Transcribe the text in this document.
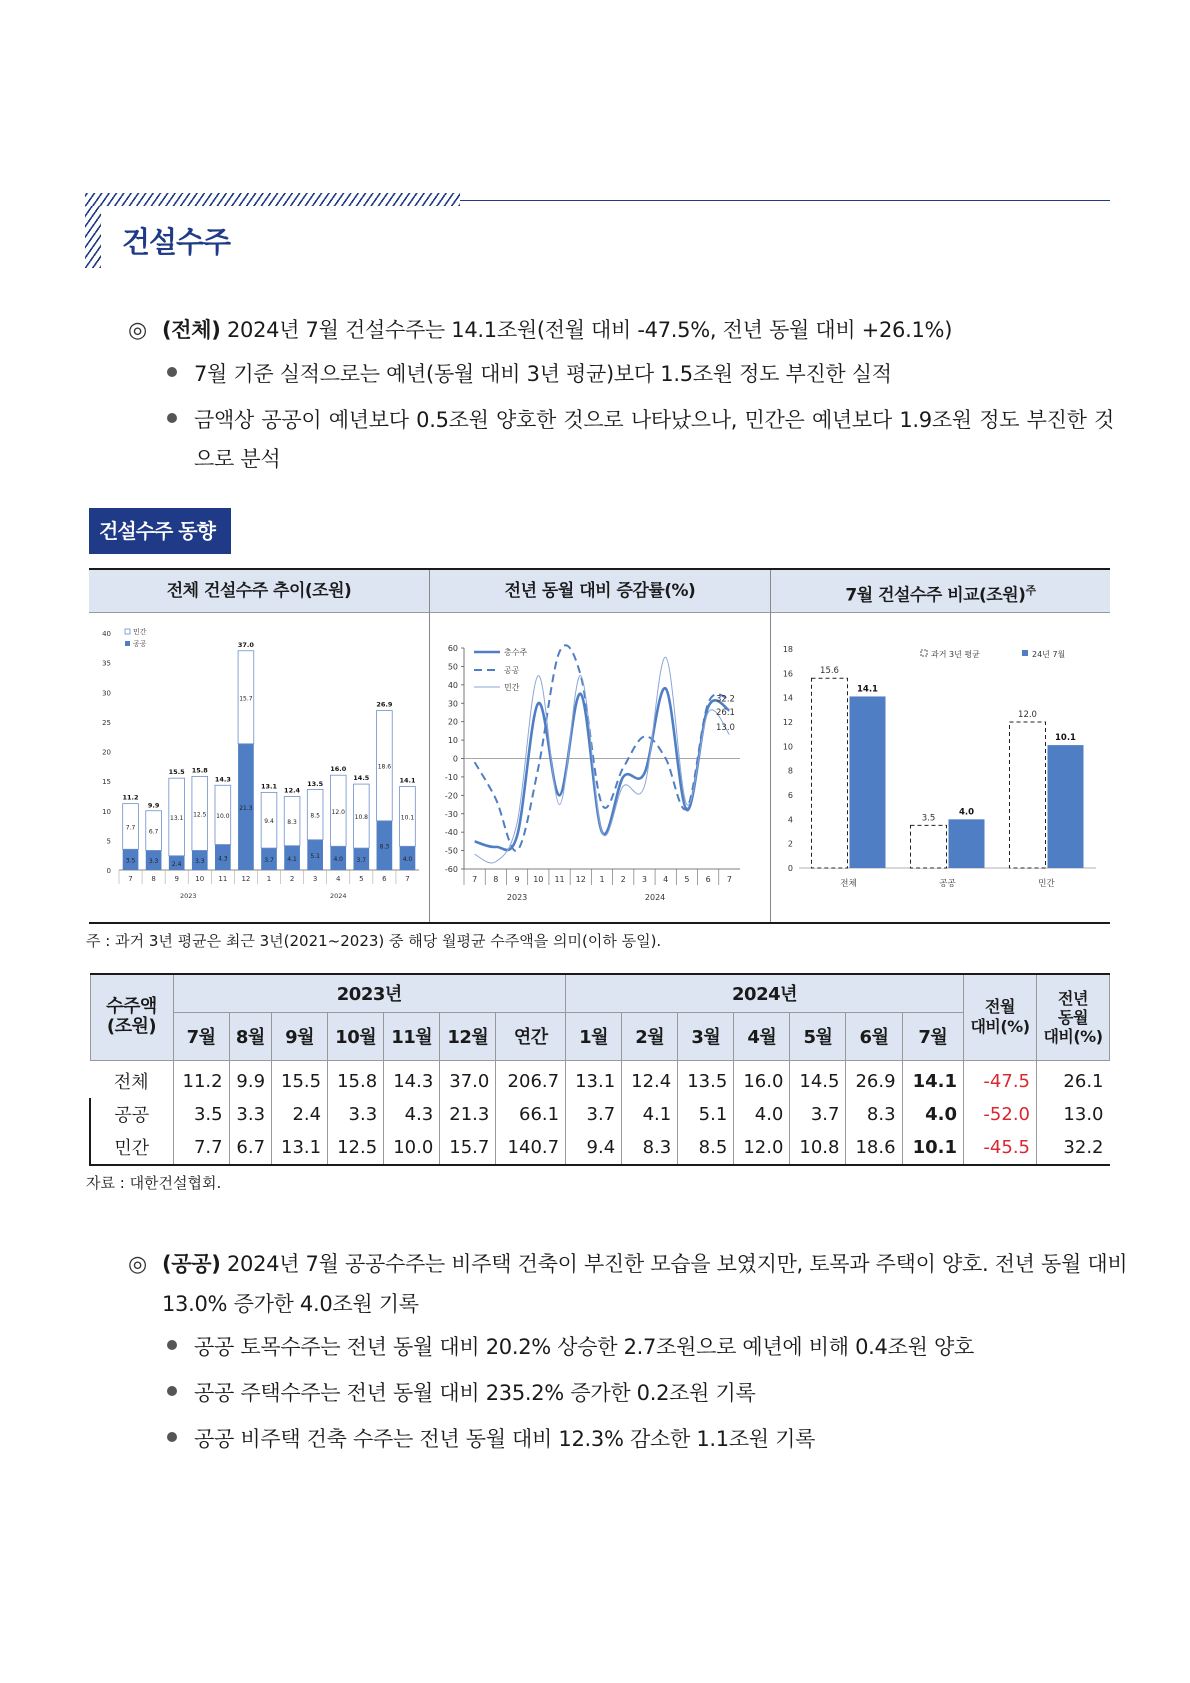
건설수주
◎ (전체) 2024년 7월 건설수주는 14.1조원(전월 대비 -47.5%, 전년 동월 대비 +26.1%)
7월 기준 실적으로는 예년(동월 대비 3년 평균)보다 1.5조원 정도 부진한 실적
금액상 공공이 예년보다 0.5조원 양호한 것으로 나타났으나, 민간은 예년보다 1.9조원 정도 부진한 것
으로 분석
건설수주 동향
전체 건설수주 추이(조원)	전년 동월 대비 증감률(%)	7월 건설수주 비교(조원)$^주$
0
5
10
15
20
25
30
35
40
3.5
7.7
11.2
7
3.3
6.7
9.9
8
2.4
13.1
15.5
9
3.3
12.5
15.8
10
4.3
10.0
14.3
11
21.3
15.7
37.0
12
3.7
9.4
13.1
1
4.1
8.3
12.4
2
5.1
8.5
13.5
3
4.0
12.0
16.0
4
3.7
10.8
14.5
5
8.3
18.6
26.9
6
4.0
10.1
14.1
7
2023	2024
민간
공공
-60
-50
-40
-30
-20
-10
0
10
20
30
40
50
60
7 8 9 10 11 12 1 2 3 4 5 6 7
2023	2024
총수주
공공
민간
32.2
26.1
13.0
0
2
4
6
8
10
12
14
16
18
15.6
14.1
전체
3.5
4.0
공공
12.0
10.1
민간
과거 3년 평균	24년 7월
주 : 과거 3년 평균은 최근 3년(2021~2023) 중 해당 월평균 수주액을 의미(이하 동일).
수주액
(조원)	2023년							2024년							전월
대비(%)	전년
동월
대비(%)
	7월	8월	9월	10월	11월	12월	연간	1월	2월	3월	4월	5월	6월	7월		
전체	11.2	9.9	15.5	15.8	14.3	37.0	206.7	13.1	12.4	13.5	16.0	14.5	26.9	14.1	-47.5	26.1
공공	3.5	3.3	2.4	3.3	4.3	21.3	66.1	3.7	4.1	5.1	4.0	3.7	8.3	4.0	-52.0	13.0
민간	7.7	6.7	13.1	12.5	10.0	15.7	140.7	9.4	8.3	8.5	12.0	10.8	18.6	10.1	-45.5	32.2
자료 : 대한건설협회.
◎ (공공) 2024년 7월 공공수주는 비주택 건축이 부진한 모습을 보였지만, 토목과 주택이 양호. 전년 동월 대비
13.0% 증가한 4.0조원 기록
공공 토목수주는 전년 동월 대비 20.2% 상승한 2.7조원으로 예년에 비해 0.4조원 양호
공공 주택수주는 전년 동월 대비 235.2% 증가한 0.2조원 기록
공공 비주택 건축 수주는 전년 동월 대비 12.3% 감소한 1.1조원 기록
